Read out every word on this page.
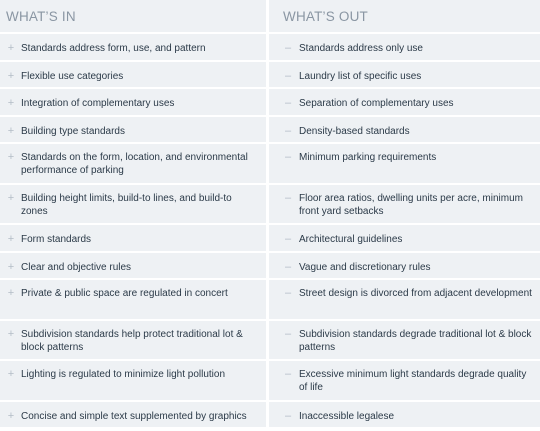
WHAT’S IN
+ Standards address form, use, and pattern
+ Flexible use categories
+ Integration of complementary uses
+ Building type standards
+ Standards on the form, location, and environmental performance of parking
+ Building height limits, build-to lines, and build-to zones
+ Form standards
+ Clear and objective rules
+ Private & public space are regulated in concert
+ Subdivision standards help protect traditional lot & block patterns
+ Lighting is regulated to minimize light pollution
+ Concise and simple text supplemented by graphics
WHAT’S OUT
– Standards address only use
– Laundry list of specific uses
– Separation of complementary uses
– Density-based standards
– Minimum parking requirements
– Floor area ratios, dwelling units per acre, minimum front yard setbacks
– Architectural guidelines
– Vague and discretionary rules
– Street design is divorced from adjacent development
– Subdivision standards degrade traditional lot & block patterns
– Excessive minimum light standards degrade quality of life
– Inaccessible legalese
